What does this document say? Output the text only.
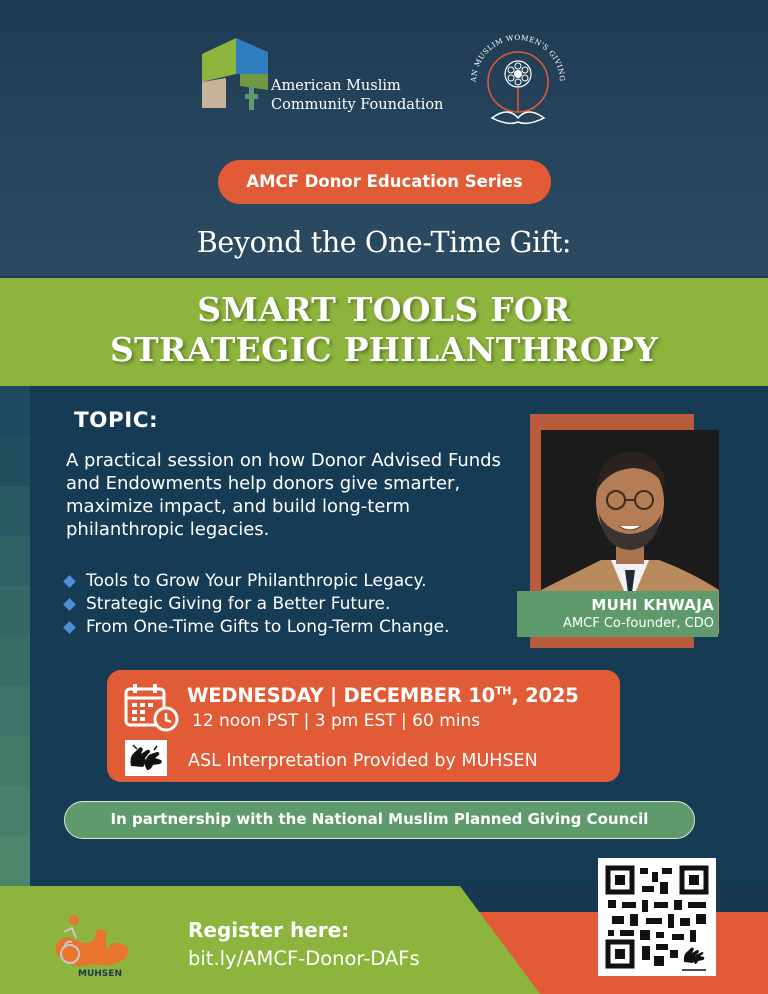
American Muslim
Community Foundation
AN MUSLIM WOMEN'S GIVING
AMCF Donor Education Series
Beyond the One-Time Gift:
SMART TOOLS FOR
STRATEGIC PHILANTHROPY
TOPIC:
A practical session on how Donor Advised Funds and Endowments help donors give smarter, maximize impact, and build long-term philanthropic legacies.
Tools to Grow Your Philanthropic Legacy.
Strategic Giving for a Better Future.
From One-Time Gifts to Long-Term Change.
MUHI KHWAJA
AMCF Co-founder, CDO
WEDNESDAY | DECEMBER 10TH, 2025
12 noon PST | 3 pm EST | 60 mins
ASL Interpretation Provided by MUHSEN
In partnership with the National Muslim Planned Giving Council
MUHSEN
Register here:
bit.ly/AMCF-Donor-DAFs
